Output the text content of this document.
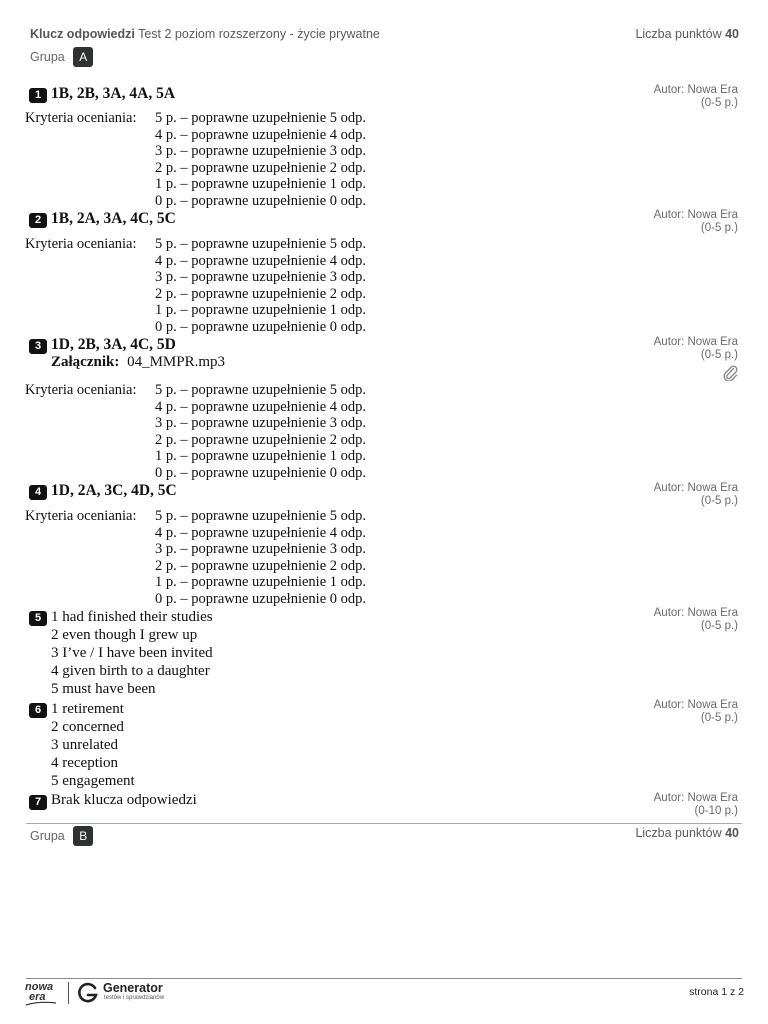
Klucz odpowiedzi Test 2 poziom rozszerzony - życie prywatne	Liczba punktów 40
Grupa A
1 1B, 2B, 3A, 4A, 5A	Autor: Nowa Era
(0-5 p.)
Kryteria oceniania: 5 p. – poprawne uzupełnienie 5 odp.
4 p. – poprawne uzupełnienie 4 odp.
3 p. – poprawne uzupełnienie 3 odp.
2 p. – poprawne uzupełnienie 2 odp.
1 p. – poprawne uzupełnienie 1 odp.
0 p. – poprawne uzupełnienie 0 odp.
2 1B, 2A, 3A, 4C, 5C	Autor: Nowa Era
(0-5 p.)
Kryteria oceniania: 5 p. – poprawne uzupełnienie 5 odp.
4 p. – poprawne uzupełnienie 4 odp.
3 p. – poprawne uzupełnienie 3 odp.
2 p. – poprawne uzupełnienie 2 odp.
1 p. – poprawne uzupełnienie 1 odp.
0 p. – poprawne uzupełnienie 0 odp.
3 1D, 2B, 3A, 4C, 5D
Załącznik: 04_MMPR.mp3
Autor: Nowa Era
(0-5 p.)
Kryteria oceniania: 5 p. – poprawne uzupełnienie 5 odp.
4 p. – poprawne uzupełnienie 4 odp.
3 p. – poprawne uzupełnienie 3 odp.
2 p. – poprawne uzupełnienie 2 odp.
1 p. – poprawne uzupełnienie 1 odp.
0 p. – poprawne uzupełnienie 0 odp.
4 1D, 2A, 3C, 4D, 5C	Autor: Nowa Era
(0-5 p.)
Kryteria oceniania: 5 p. – poprawne uzupełnienie 5 odp.
4 p. – poprawne uzupełnienie 4 odp.
3 p. – poprawne uzupełnienie 3 odp.
2 p. – poprawne uzupełnienie 2 odp.
1 p. – poprawne uzupełnienie 1 odp.
0 p. – poprawne uzupełnienie 0 odp.
5 1 had finished their studies
2 even though I grew up
3 I’ve / I have been invited
4 given birth to a daughter
5 must have been
Autor: Nowa Era
(0-5 p.)
6 1 retirement
2 concerned
3 unrelated
4 reception
5 engagement
Autor: Nowa Era
(0-5 p.)
7 Brak klucza odpowiedzi	Autor: Nowa Era
(0-10 p.)
Grupa B	Liczba punktów 40
nowa
era
Generator
testów i sprawdzianów	strona 1 z 2
